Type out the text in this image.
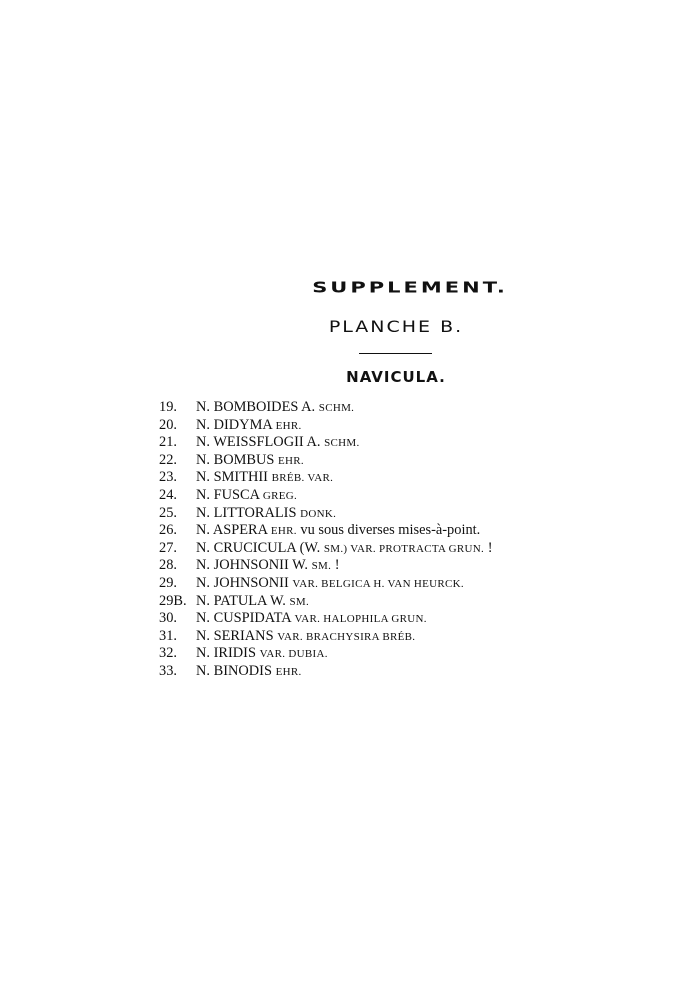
SUPPLEMENT.
PLANCHE B.
NAVICULA.
19. N. BOMBOIDES A. SCHM.
20. N. DIDYMA EHR.
21. N. WEISSFLOGII A. SCHM.
22. N. BOMBUS EHR.
23. N. SMITHII BRÉB. VAR.
24. N. FUSCA GREG.
25. N. LITTORALIS DONK.
26. N. ASPERA EHR. vu sous diverses mises-à-point.
27. N. CRUCICULA (W. SM.) VAR. PROTRACTA GRUN. !
28. N. JOHNSONII W. SM. !
29. N. JOHNSONII VAR. BELGICA H. VAN HEURCK.
29B. N. PATULA W. SM.
30. N. CUSPIDATA VAR. HALOPHILA GRUN.
31. N. SERIANS VAR. BRACHYSIRA BRÉB.
32. N. IRIDIS VAR. DUBIA.
33. N. BINODIS EHR.
